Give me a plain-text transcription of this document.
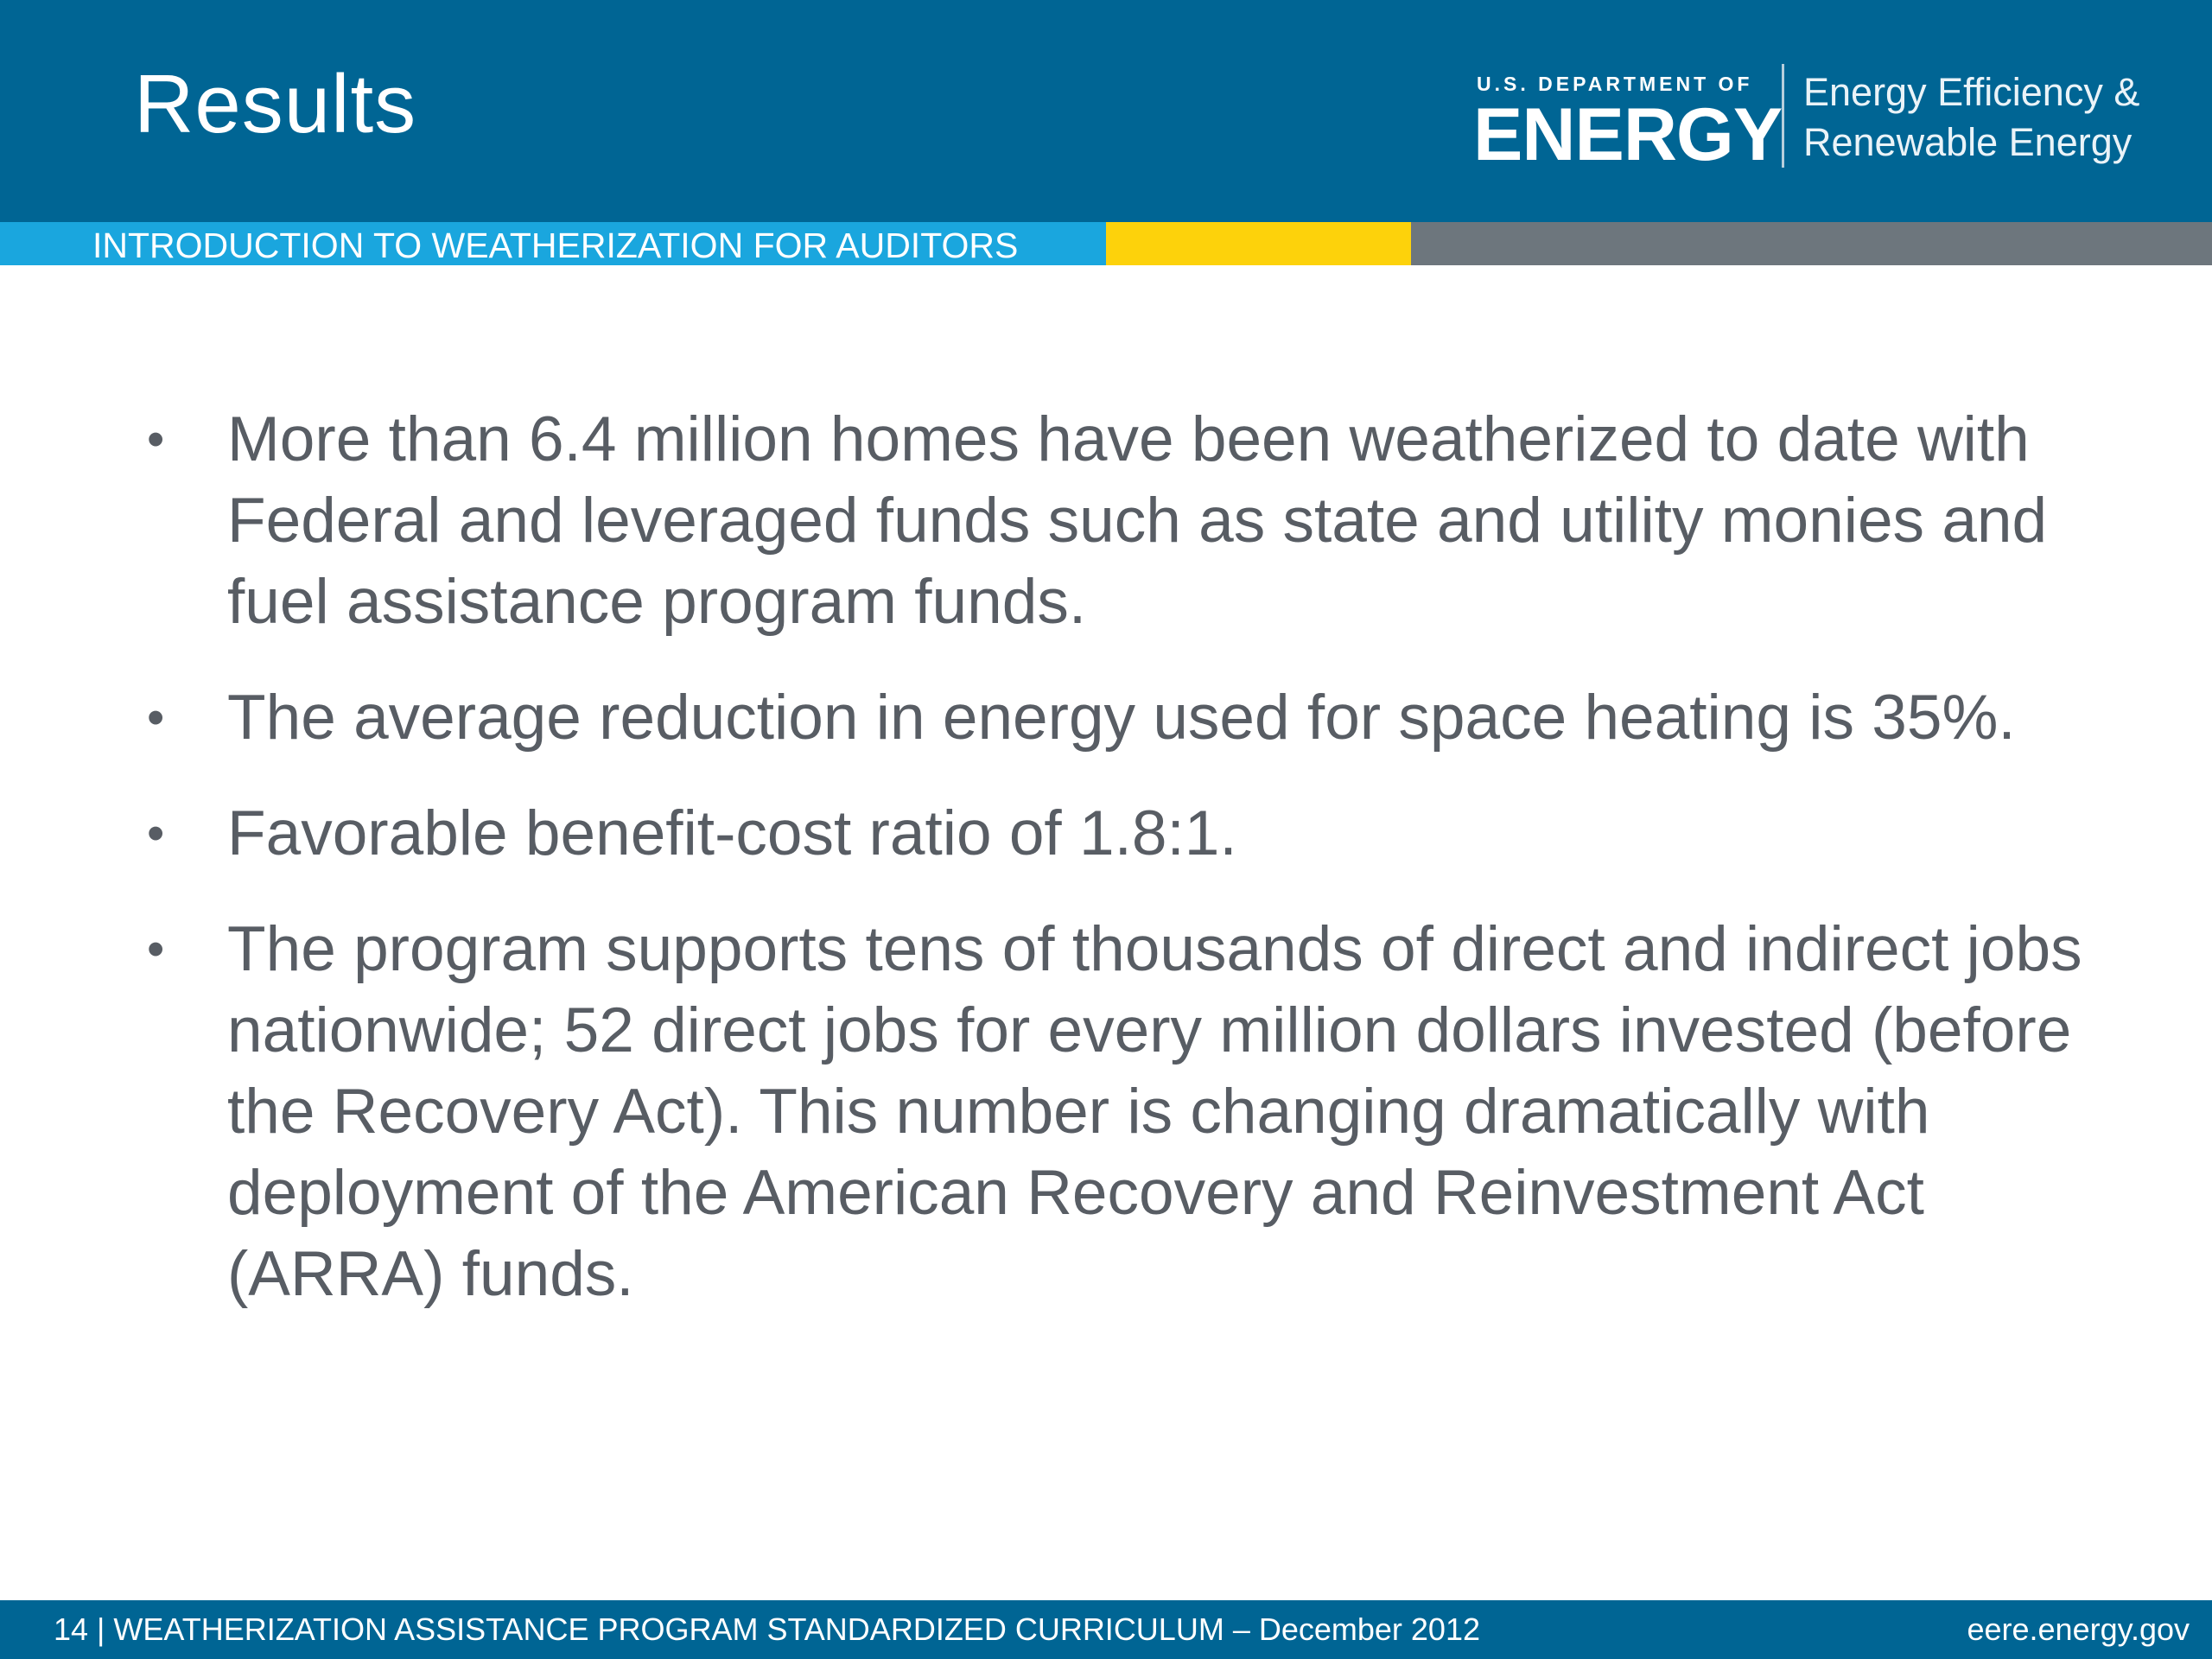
Results	U.S. DEPARTMENT OF
ENERGY
Energy Efficiency &
Renewable Energy
INTRODUCTION TO WEATHERIZATION FOR AUDITORS
• More than 6.4 million homes have been weatherized to date with Federal and leveraged funds such as state and utility monies and fuel assistance program funds.
• The average reduction in energy used for space heating is 35%.
• Favorable benefit-cost ratio of 1.8:1.
• The program supports tens of thousands of direct and indirect jobs nationwide; 52 direct jobs for every million dollars invested (before the Recovery Act). This number is changing dramatically with deployment of the American Recovery and Reinvestment Act (ARRA) funds.
14 | WEATHERIZATION ASSISTANCE PROGRAM STANDARDIZED CURRICULUM – December 2012	eere.energy.gov
